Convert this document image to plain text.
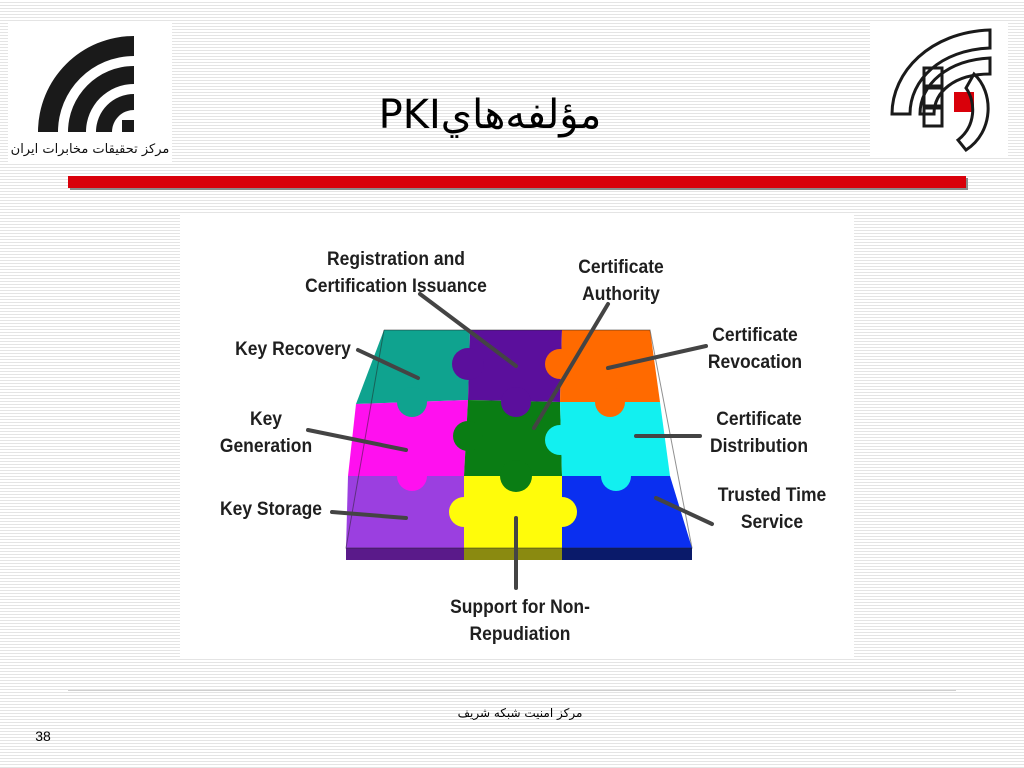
مرکز تحقیقات مخابرات ایران
PKIمؤلفه‌هاي
Registration and
Certification Issuance
Certificate
Authority
Certificate
Revocation
Certificate
Distribution
Trusted Time
Service
Support for Non-
Repudiation
Key Storage
Key
Generation
Key Recovery
مرکز امنیت شبکه شریف
38
